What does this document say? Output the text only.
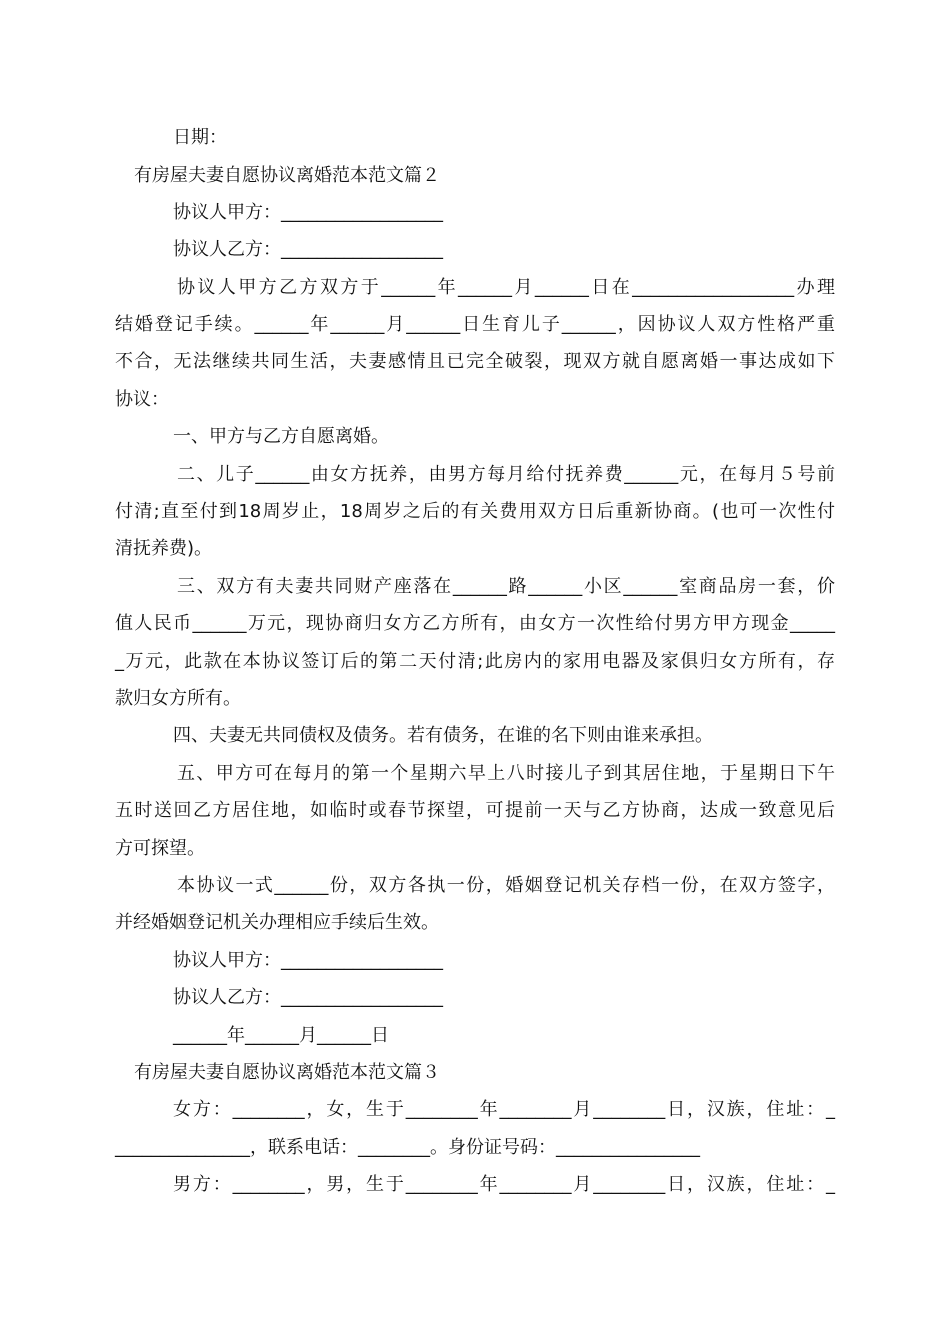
日期：

有房屋夫妻自愿协议离婚范本范文篇２

协议人甲方：__________________

协议人乙方：__________________

协议人甲方乙方双方于______年______月______日在__________________办理

结婚登记手续。______年______月______日生育儿子______，因协议人双方性格严重

不合，无法继续共同生活，夫妻感情且已完全破裂，现双方就自愿离婚一事达成如下

协议：

一、甲方与乙方自愿离婚。

二、儿子______由女方抚养，由男方每月给付抚养费______元，在每月５号前

付清;直至付到18周岁止，18周岁之后的有关费用双方日后重新协商。(也可一次性付

清抚养费)。

三、双方有夫妻共同财产座落在______路______小区______室商品房一套，价

值人民币______万元，现协商归女方乙方所有，由女方一次性给付男方甲方现金_____

_万元，此款在本协议签订后的第二天付清;此房内的家用电器及家俱归女方所有，存

款归女方所有。

四、夫妻无共同债权及债务。若有债务，在谁的名下则由谁来承担。

五、甲方可在每月的第一个星期六早上八时接儿子到其居住地，于星期日下午

五时送回乙方居住地，如临时或春节探望，可提前一天与乙方协商，达成一致意见后

方可探望。

本协议一式______份，双方各执一份，婚姻登记机关存档一份，在双方签字，

并经婚姻登记机关办理相应手续后生效。

协议人甲方：__________________

协议人乙方：__________________

______年______月______日

有房屋夫妻自愿协议离婚范本范文篇３

女方：________，女，生于________年________月________日，汉族，住址：_

_______________，联系电话：________。身份证号码：________________

男方：________，男，生于________年________月________日，汉族，住址：_
